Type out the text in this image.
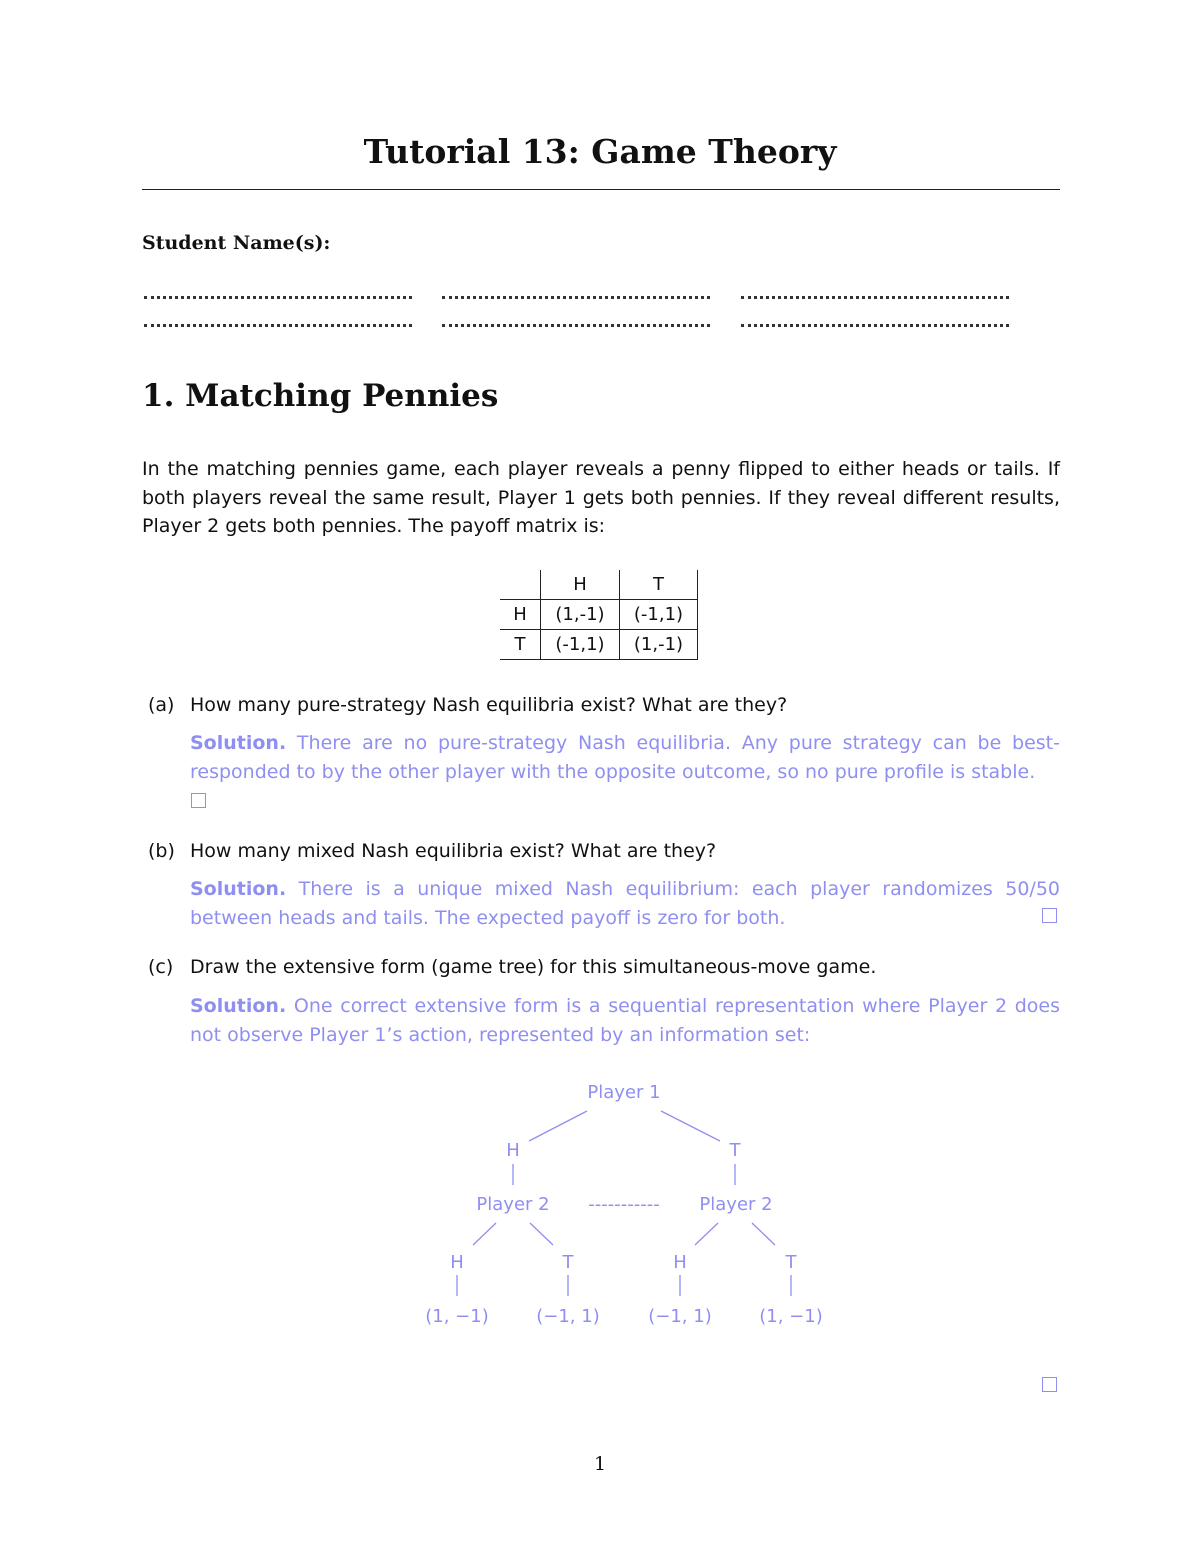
Tutorial 13: Game Theory
Student Name(s):
1. Matching Pennies
In the matching pennies game, each player reveals a penny flipped to either heads or tails. If both players reveal the same result, Player 1 gets both pennies. If they reveal different results, Player 2 gets both pennies. The payoff matrix is:
	H	T
H	(1,-1)	(-1,1)
T	(-1,1)	(1,-1)
(a) How many pure-strategy Nash equilibria exist? What are they?
Solution. There are no pure-strategy Nash equilibria. Any pure strategy can be best-responded to by the other player with the opposite outcome, so no pure profile is stable.
(b) How many mixed Nash equilibria exist? What are they?
Solution. There is a unique mixed Nash equilibrium: each player randomizes 50/50 between heads and tails. The expected payoff is zero for both.
(c) Draw the extensive form (game tree) for this simultaneous-move game.
Solution. One correct extensive form is a sequential representation where Player 2 does not observe Player 1’s action, represented by an information set:
Player 1
H	T
Player 2 ----------- Player 2
H	T	H	T
(1, −1)	(−1, 1)	(−1, 1)	(1, −1)
1
